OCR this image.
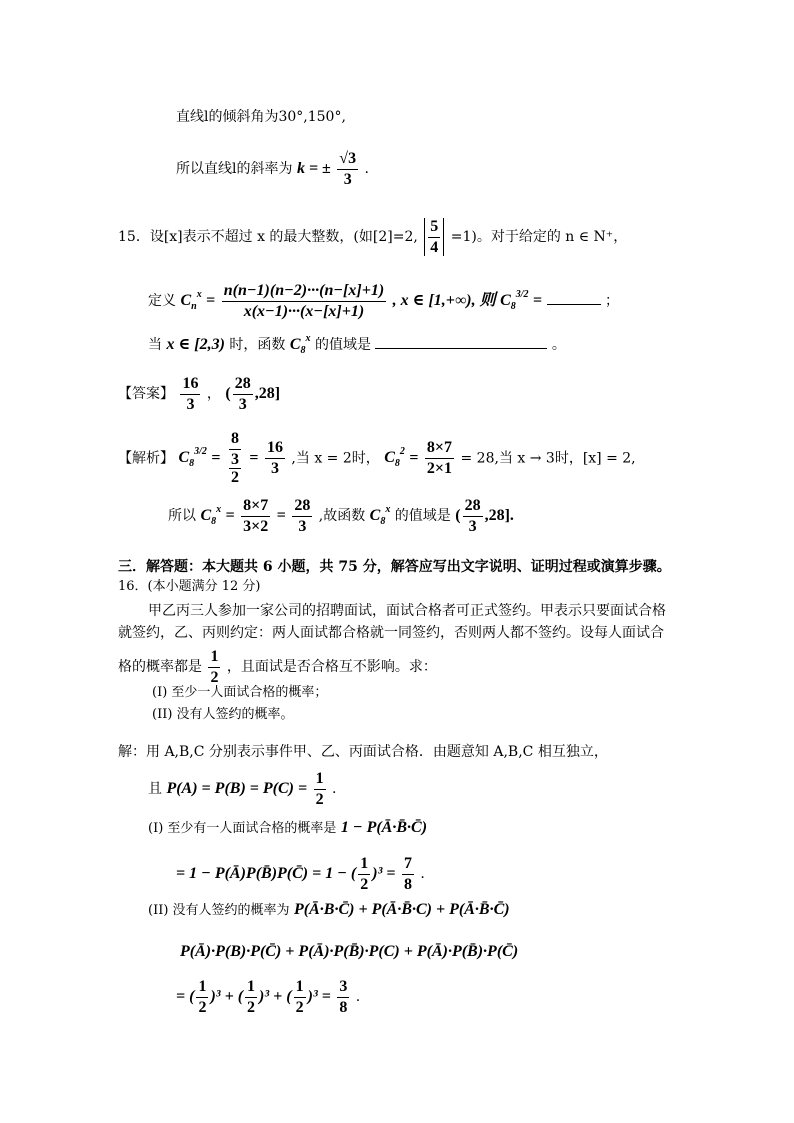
直线l的倾斜角为30°,150°,
所以直线l的斜率为 k = ± $\frac{√3}{3}$ .
15．设[x]表示不超过 x 的最大整数，(如[2]=2, $\frac{5}{4} =1$)。对于给定的 n ∈ N⁺，
定义 $C_n^x = \frac{n(n-1)(n-2)\cdot\cdot\cdot(n-[x]+1)}{x(x-1)\cdot\cdot\cdot(x-[x]+1)}$ , x ∈ [1,+∞), 则 $C_8^{3/2}$ =	；
当 x ∈ [2,3) 时，函数 $C_8^x$ 的值域是	。
【答案】 $\frac{16}{3}$ ， ( $\frac{28}{3} ,28$]
【解析】 $C_8^{3/2} = 8$
3
$2 = \frac{16}{3}$ ,当 x = 2时， $C_8^2 = \frac{8\times 7}{2\times 1} = 28$,当 x → 3时，[x] = 2,
所以 $C_8^x = \frac{8\times 7}{3\times 2} = \frac{28}{3}$ ,故函数 $C_8^x$ 的值域是 ( $\frac{28}{3} ,28$].
三．解答题：本大题共 6 小题，共 75 分，解答应写出文字说明、证明过程或演算步骤。
16．(本小题满分 12 分)
甲乙丙三人参加一家公司的招聘面试，面试合格者可正式签约。甲表示只要面试合格
就签约，乙、丙则约定：两人面试都合格就一同签约，否则两人都不签约。设每人面试合
格的概率都是 $\frac{1}{2}$ ，且面试是否合格互不影响。求：
(I) 至少一人面试合格的概率；
(II) 没有人签约的概率。
解：用 A,B,C 分别表示事件甲、乙、丙面试合格．由题意知 A,B,C 相互独立，
且 $P(A) = P(B) = P(C) = \frac{1}{2}$ .
(I) 至少有一人面试合格的概率是 1 − P(Ā·B̄·C̄)
= 1 − P(Ā)P(B̄)P(C̄) = 1 − ( $\frac{1}{2} )^3 = \frac{7}{8}$ .
(II) 没有人签约的概率为 P(Ā·B·C̄) + P(Ā·B̄·C) + P(Ā·B̄·C̄)
P(Ā)·P(B)·P(C̄) + P(Ā)·P(B̄)·P(C) + P(Ā)·P(B̄)·P(C̄)
= ( $\frac{1}{2} )^3$ + ( $\frac{1}{2} )^3$ + ( $\frac{1}{2} )^3 = \frac{3}{8}$ .
